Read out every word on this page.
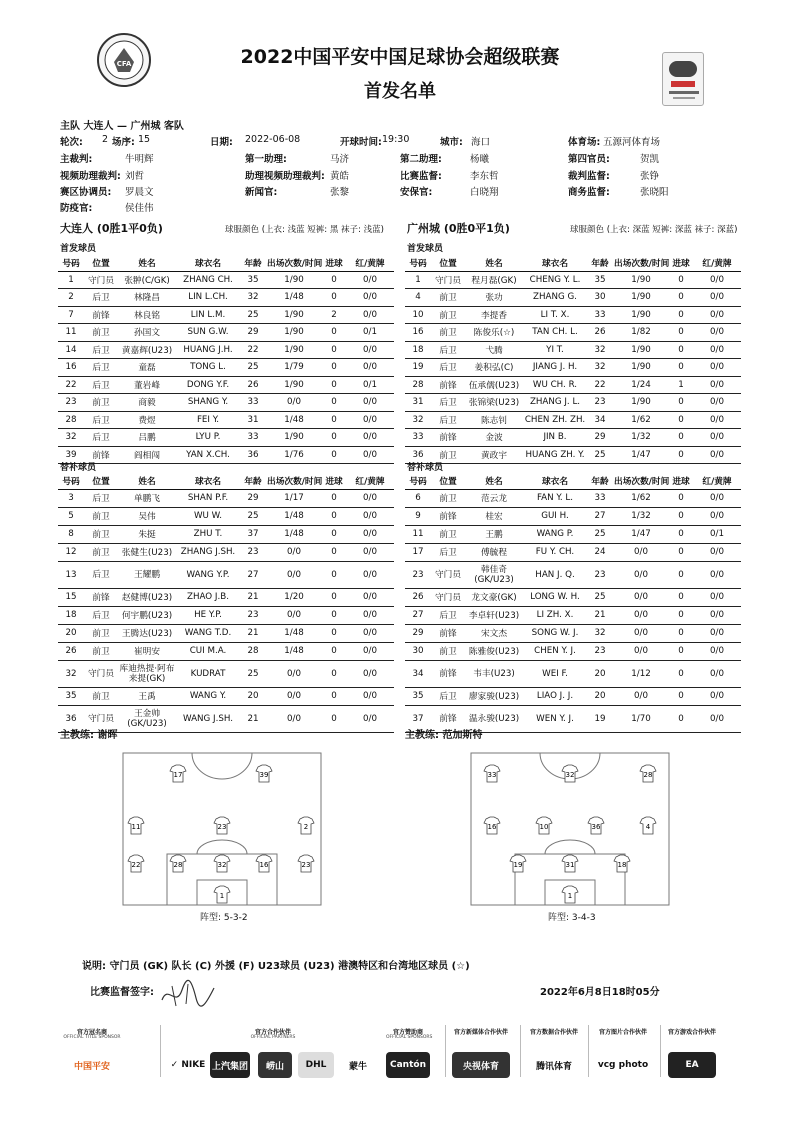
CFA	2022中国平安中国足球协会超级联赛
首发名单
主队 大连人 — 广州城 客队
轮次: 2 场序: 15	日期: 2022-06-08	开球时间: 19:30	城市: 海口	体育场: 五源河体育场
主裁判:	牛明辉	第一助理:	马济	第二助理:	杨曦	第四官员:	贺凯
视频助理裁判: 刘哲	助理视频助理裁判: 黄皓	比赛监督:	李东哲	裁判监督:	张铮
赛区协调员: 罗晨文	新闻官:	张黎	安保官:	白晓翔	商务监督:	张晓阳
防疫官:	侯佳伟
大连人 (0胜1平0负)	球服颜色 (上衣: 浅蓝 短裤: 黑 袜子: 浅蓝) 广州城 (0胜0平1负)	球服颜色 (上衣: 深蓝 短裤: 深蓝 袜子: 深蓝)
首发球员	首发球员
号码	位置	姓名	球衣名	年龄	出场次数/时间	进球	红/黄牌
1	守门员	张翀(C/GK)	ZHANG CH.	35	1/90	0	0/0
2	后卫	林隆昌	LIN L.CH.	32	1/48	0	0/0
7	前锋	林良铭	LIN L.M.	25	1/90	2	0/0
11	前卫	孙国文	SUN G.W.	29	1/90	0	0/1
14	后卫	黄嘉辉(U23)	HUANG J.H.	22	1/90	0	0/0
16	后卫	童磊	TONG L.	25	1/79	0	0/0
22	后卫	董岩峰	DONG Y.F.	26	1/90	0	0/1
23	前卫	商毅	SHANG Y.	33	0/0	0	0/0
28	后卫	费煜	FEI Y.	31	1/48	0	0/0
32	后卫	吕鹏	LYU P.	33	1/90	0	0/0
39	前锋	阎相闯	YAN X.CH.	36	1/76	0	0/0
号码	位置	姓名	球衣名	年龄	出场次数/时间	进球	红/黄牌
1	守门员	程月磊(GK)	CHENG Y. L.	35	1/90	0	0/0
4	前卫	张功	ZHANG G.	30	1/90	0	0/0
10	前卫	李提香	LI T. X.	33	1/90	0	0/0
16	前卫	陈俊乐(☆)	TAN CH. L.	26	1/82	0	0/0
18	后卫	弋腾	YI T.	32	1/90	0	0/0
19	后卫	姜积弘(C)	JIANG J. H.	32	1/90	0	0/0
28	前锋	伍承儒(U23)	WU CH. R.	22	1/24	1	0/0
31	后卫	张锦梁(U23)	ZHANG J. L.	23	1/90	0	0/0
32	后卫	陈志钊	CHEN ZH. ZH.	34	1/62	0	0/0
33	前锋	金波	JIN B.	29	1/32	0	0/0
36	前卫	黄政宇	HUANG ZH. Y.	25	1/47	0	0/0
替补球员	替补球员
号码	位置	姓名	球衣名	年龄	出场次数/时间	进球	红/黄牌
3	后卫	单鹏飞	SHAN P.F.	29	1/17	0	0/0
5	前卫	吴伟	WU W.	25	1/48	0	0/0
8	前卫	朱挺	ZHU T.	37	1/48	0	0/0
12	前卫	张健生(U23)	ZHANG J.SH.	23	0/0	0	0/0
13	后卫	王耀鹏	WANG Y.P.	27	0/0	0	0/0
15	前锋	赵健博(U23)	ZHAO J.B.	21	1/20	0	0/0
18	后卫	何宇鹏(U23)	HE Y.P.	23	0/0	0	0/0
20	前卫	王腾达(U23)	WANG T.D.	21	1/48	0	0/0
26	前卫	崔明安	CUI M.A.	28	1/48	0	0/0
32	守门员	库迪热提·阿布来提(GK)	KUDRAT	25	0/0	0	0/0
35	前卫	王禹	WANG Y.	20	0/0	0	0/0
36	守门员	王金帅(GK/U23)	WANG J.SH.	21	0/0	0	0/0
号码	位置	姓名	球衣名	年龄	出场次数/时间	进球	红/黄牌
6	前卫	范云龙	FAN Y. L.	33	1/62	0	0/0
9	前锋	桂宏	GUI H.	27	1/32	0	0/0
11	前卫	王鹏	WANG P.	25	1/47	0	0/1
17	后卫	傅毓程	FU Y. CH.	24	0/0	0	0/0
23	守门员	韩佳奇(GK/U23)	HAN J. Q.	23	0/0	0	0/0
26	守门员	龙文豪(GK)	LONG W. H.	25	0/0	0	0/0
27	后卫	李卓轩(U23)	LI ZH. X.	21	0/0	0	0/0
29	前锋	宋文杰	SONG W. J.	32	0/0	0	0/0
30	前卫	陈雅俊(U23)	CHEN Y. J.	23	0/0	0	0/0
34	前锋	韦丰(U23)	WEI F.	20	1/12	0	0/0
35	后卫	廖家骏(U23)	LIAO J. J.	20	0/0	0	0/0
37	前锋	温永骏(U23)	WEN Y. J.	19	1/70	0	0/0
主教练: 谢晖	主教练: 范加斯特
17	39
11	23	2
22	28	32	16	23
1
33	32	28
16	10	36	4
19	31	18
1
阵型: 5-3-2	阵型: 3-4-3
说明: 守门员 (GK) 队长 (C) 外援 (F) U23球员 (U23) 港澳特区和台湾地区球员 (☆)
比赛监督签字:	2022年6月8日18时05分
官方冠名商
OFFICIAL TITLE SPONSOR
中国平安
官方合作伙伴
OFFICIAL PARTNERS
✓ NIKE 上汽集团	崂山	DHL	蒙牛
官方赞助商
OFFICIAL SPONSORS
Cantón
官方新媒体合作伙伴
央视体育
官方数据合作伙伴
腾讯体育
官方图片合作伙伴
vcg photo
官方游戏合作伙伴
EA
